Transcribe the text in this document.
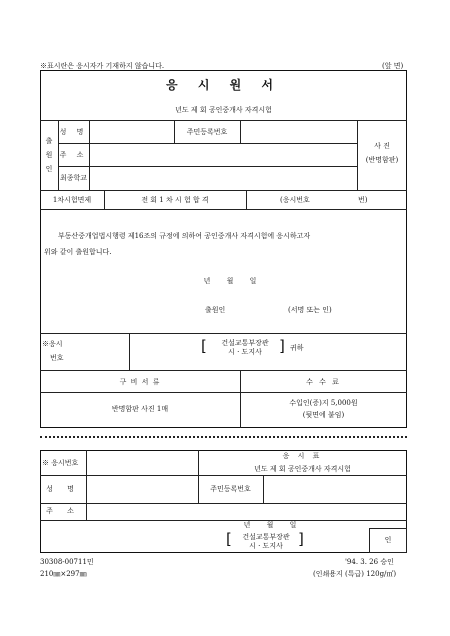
※표시란은 응시자가 기재하지 않습니다.	(앞 면)
응 시 원 서
년도 제 회 공인중개사 자격시험
출
원
인
성 명	주민등록번호
주 소
최종학교
사 진
(반명함판)
1차시험면제	전 회 1 차 시 험 합 격	(응시번호	번)
부동산중개업법시행령 제16조의 규정에 의하여 공인중개사 자격시험에 응시하고자
위와 같이 출원합니다.
년 월 일
출원인	(서명 또는 인)
※응시
번호
[	건설교통부장관
시 · 도지사	] 귀하
구 비 서 류	수 수 료
반명함판 사진 1매
수입인(증)지 5,000원
(뒷면에 붙임)
※ 응시번호
응 시 표
년도 제 회 공인중개사 자격시험
성 명	주민등록번호
주 소
년 월 일
[	건설교통부장관
시 · 도지사	]	인
30308-00711민	'94. 3. 26 승인
210㎜×297㎜	(인쇄용지 (특급) 120g/㎡)
